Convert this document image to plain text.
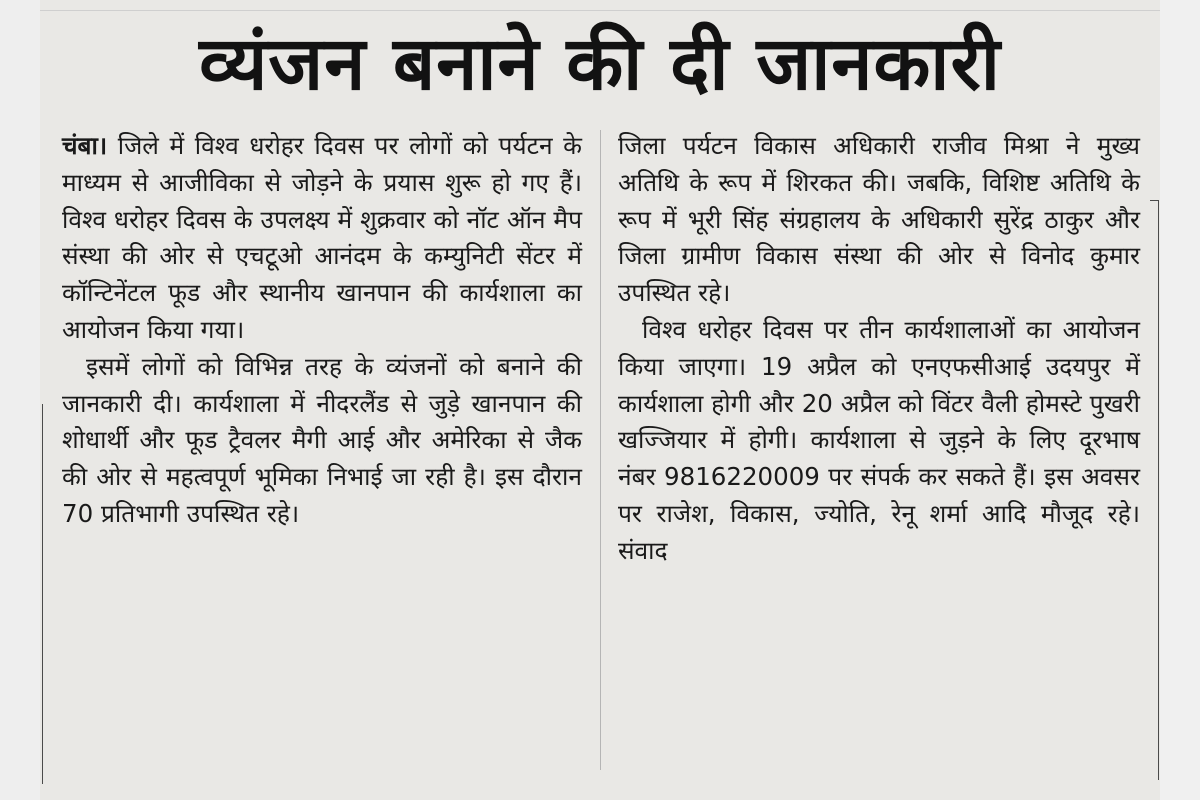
व्यंजन बनाने की दी जानकारी

चंबा। जिले में विश्व धरोहर दिवस पर लोगों को पर्यटन के माध्यम से आजीविका से जोड़ने के प्रयास शुरू हो गए हैं। विश्व धरोहर दिवस के उपलक्ष्य में शुक्रवार को नॉट ऑन मैप संस्था की ओर से एचटूओ आनंदम के कम्युनिटी सेंटर में कॉन्टिनेंटल फूड और स्थानीय खानपान की कार्यशाला का आयोजन किया गया।

इसमें लोगों को विभिन्न तरह के व्यंजनों को बनाने की जानकारी दी। कार्यशाला में नीदरलैंड से जुड़े खानपान की शोधार्थी और फूड ट्रैवलर मैगी आई और अमेरिका से जैक की ओर से महत्वपूर्ण भूमिका निभाई जा रही है। इस दौरान 70 प्रतिभागी उपस्थित रहे।

जिला पर्यटन विकास अधिकारी राजीव मिश्रा ने मुख्य अतिथि के रूप में शिरकत की। जबकि, विशिष्ट अतिथि के रूप में भूरी सिंह संग्रहालय के अधिकारी सुरेंद्र ठाकुर और जिला ग्रामीण विकास संस्था की ओर से विनोद कुमार उपस्थित रहे।

विश्व धरोहर दिवस पर तीन कार्यशालाओं का आयोजन किया जाएगा। 19 अप्रैल को एनएफसीआई उदयपुर में कार्यशाला होगी और 20 अप्रैल को विंटर वैली होमस्टे पुखरी खज्जियार में होगी। कार्यशाला से जुड़ने के लिए दूरभाष नंबर 9816220009 पर संपर्क कर सकते हैं। इस अवसर पर राजेश, विकास, ज्योति, रेनू शर्मा आदि मौजूद रहे। संवाद
